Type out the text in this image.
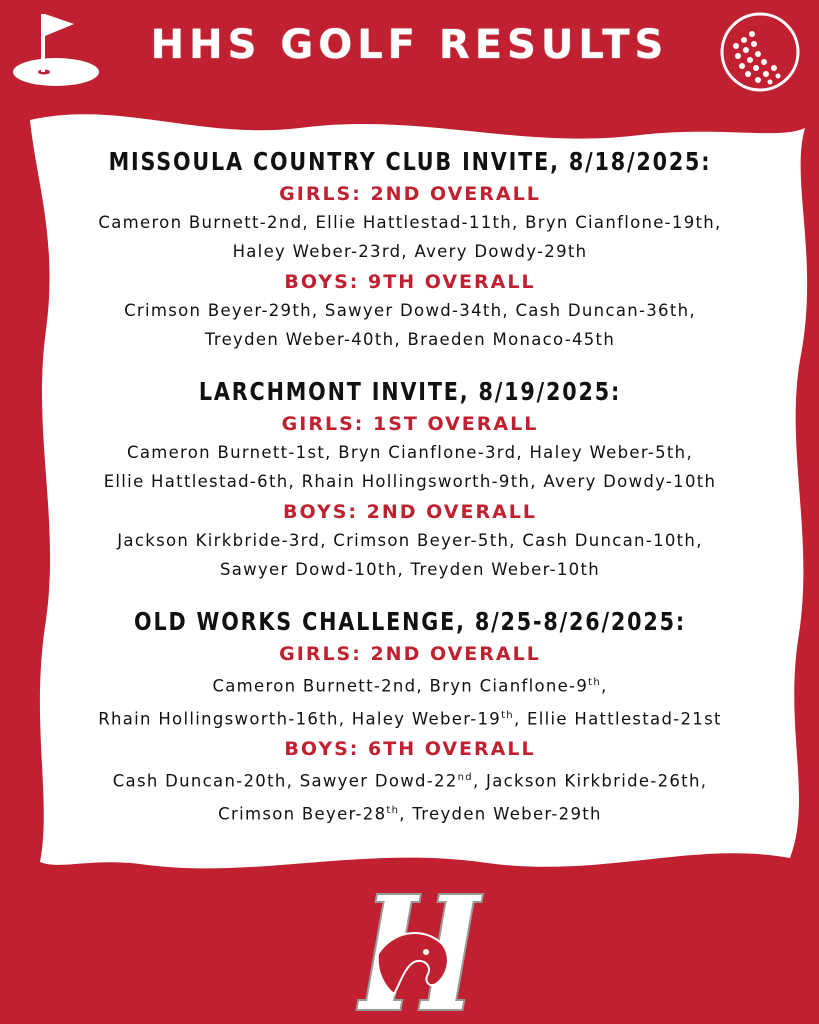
HHS GOLF RESULTS
MISSOULA COUNTRY CLUB INVITE, 8/18/2025:
GIRLS: 2ND OVERALL
Cameron Burnett-2nd, Ellie Hattlestad-11th, Bryn Cianflone-19th,
Haley Weber-23rd, Avery Dowdy-29th
BOYS: 9TH OVERALL
Crimson Beyer-29th, Sawyer Dowd-34th, Cash Duncan-36th,
Treyden Weber-40th, Braeden Monaco-45th
LARCHMONT INVITE, 8/19/2025:
GIRLS: 1ST OVERALL
Cameron Burnett-1st, Bryn Cianflone-3rd, Haley Weber-5th,
Ellie Hattlestad-6th, Rhain Hollingsworth-9th, Avery Dowdy-10th
BOYS: 2ND OVERALL
Jackson Kirkbride-3rd, Crimson Beyer-5th, Cash Duncan-10th,
Sawyer Dowd-10th, Treyden Weber-10th
OLD WORKS CHALLENGE, 8/25-8/26/2025:
GIRLS: 2ND OVERALL
Cameron Burnett-2nd, Bryn Cianflone-9th,
Rhain Hollingsworth-16th, Haley Weber-19th, Ellie Hattlestad-21st
BOYS: 6TH OVERALL
Cash Duncan-20th, Sawyer Dowd-22nd, Jackson Kirkbride-26th,
Crimson Beyer-28th, Treyden Weber-29th
